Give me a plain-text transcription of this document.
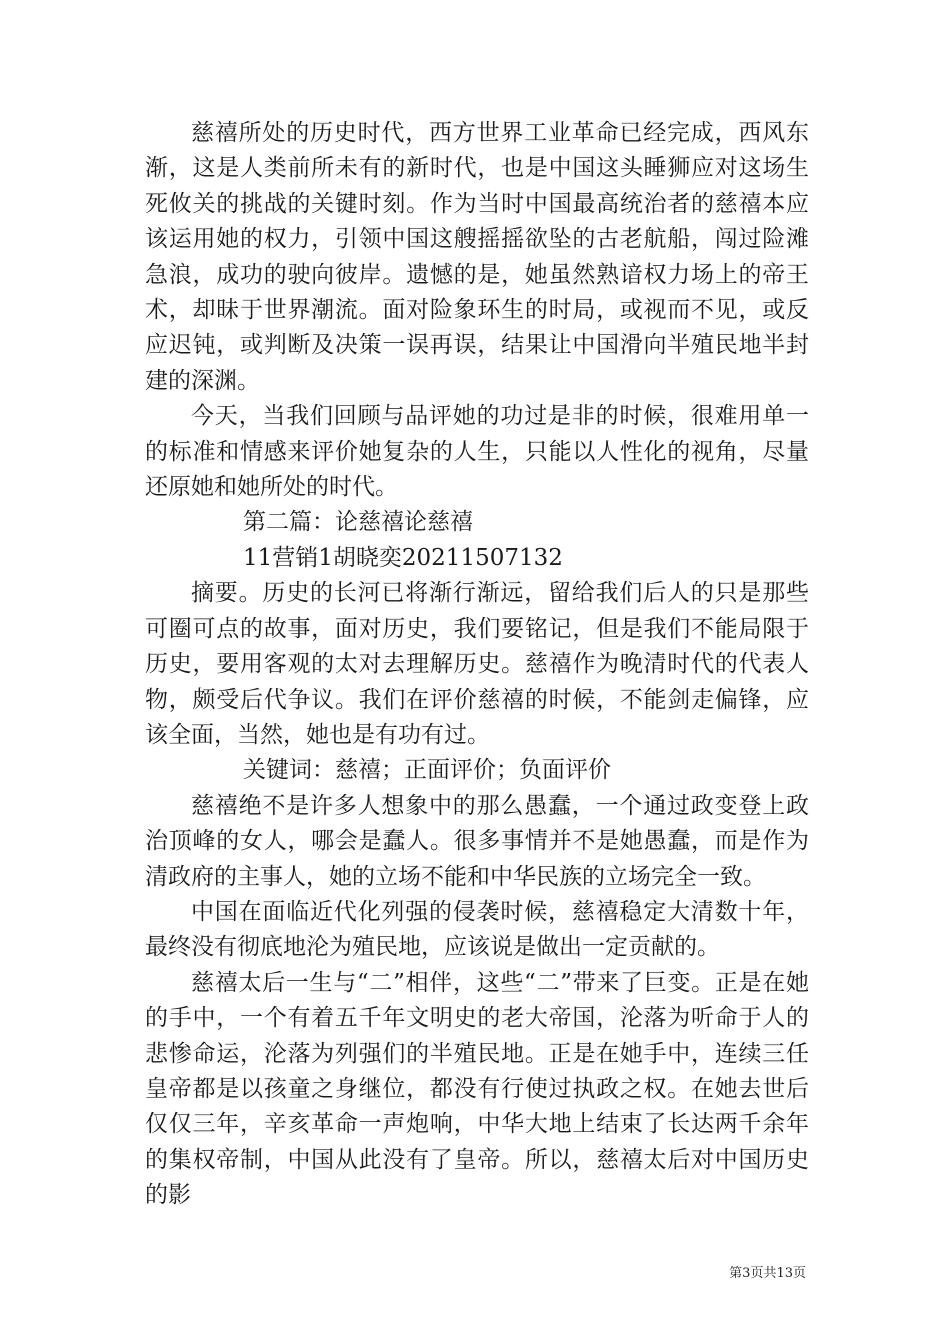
慈禧所处的历史时代，西方世界工业革命已经完成，西风东渐，这是人类前所未有的新时代，也是中国这头睡狮应对这场生死攸关的挑战的关键时刻。作为当时中国最高统治者的慈禧本应该运用她的权力，引领中国这艘摇摇欲坠的古老航船，闯过险滩急浪，成功的驶向彼岸。遗憾的是，她虽然熟谙权力场上的帝王术，却昧于世界潮流。面对险象环生的时局，或视而不见，或反应迟钝，或判断及决策一误再误，结果让中国滑向半殖民地半封建的深渊。

今天，当我们回顾与品评她的功过是非的时候，很难用单一的标准和情感来评价她复杂的人生，只能以人性化的视角，尽量还原她和她所处的时代。

第二篇：论慈禧论慈禧

11营销1胡晓奕20211507132

摘要。历史的长河已将渐行渐远，留给我们后人的只是那些可圈可点的故事，面对历史，我们要铭记，但是我们不能局限于历史，要用客观的太对去理解历史。慈禧作为晚清时代的代表人物，颇受后代争议。我们在评价慈禧的时候，不能剑走偏锋，应该全面，当然，她也是有功有过。

关键词：慈禧；正面评价；负面评价

慈禧绝不是许多人想象中的那么愚蠢，一个通过政变登上政治顶峰的女人，哪会是蠢人。很多事情并不是她愚蠢，而是作为清政府的主事人，她的立场不能和中华民族的立场完全一致。

中国在面临近代化列强的侵袭时候，慈禧稳定大清数十年，最终没有彻底地沦为殖民地，应该说是做出一定贡献的。

慈禧太后一生与“二”相伴，这些“二”带来了巨变。正是在她的手中，一个有着五千年文明史的老大帝国，沦落为听命于人的悲惨命运，沦落为列强们的半殖民地。正是在她手中，连续三任皇帝都是以孩童之身继位，都没有行使过执政之权。在她去世后仅仅三年，辛亥革命一声炮响，中华大地上结束了长达两千余年的集权帝制，中国从此没有了皇帝。所以，慈禧太后对中国历史的影

第3页共13页
